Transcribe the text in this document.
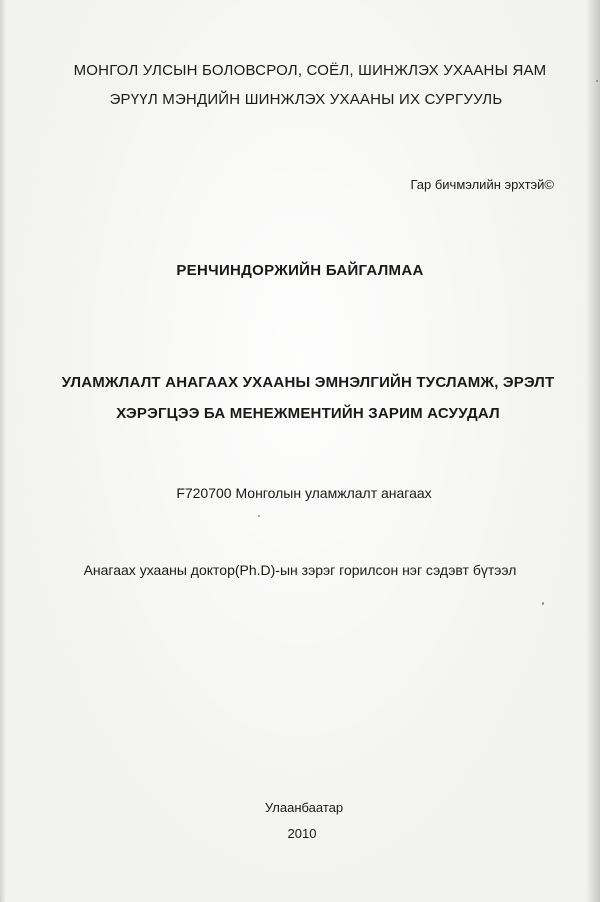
МОНГОЛ УЛСЫН БОЛОВСРОЛ, СОЁЛ, ШИНЖЛЭХ УХААНЫ ЯАМ
ЭРҮҮЛ МЭНДИЙН ШИНЖЛЭХ УХААНЫ ИХ СУРГУУЛЬ
Гар бичмэлийн эрхтэй©
РЕНЧИНДОРЖИЙН БАЙГАЛМАА
УЛАМЖЛАЛТ АНАГААХ УХААНЫ ЭМНЭЛГИЙН ТУСЛАМЖ, ЭРЭЛТ
ХЭРЭГЦЭЭ БА МЕНЕЖМЕНТИЙН ЗАРИМ АСУУДАЛ
F720700 Монголын уламжлалт анагаах
Анагаах ухааны доктор(Ph.D)-ын зэрэг горилсон нэг сэдэвт бүтээл
Улаанбаатар
2010
